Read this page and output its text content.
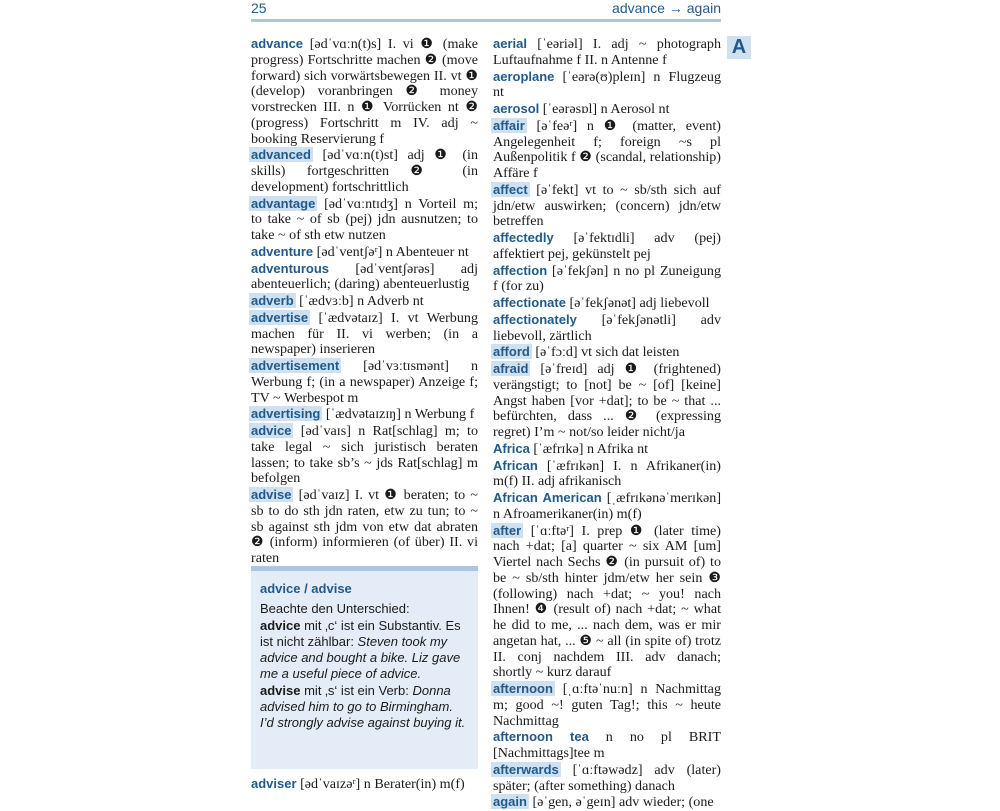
25	advance → again
advance [ədˈvɑːn(t)s] I. vi ❶ (make progress) Fortschritte machen ❷ (move forward) sich vorwärtsbewegen II. vt ❶ (develop) voranbringen ❷ money vorstrecken III. n ❶ Vorrücken nt ❷ (progress) Fortschritt m IV. adj ~ booking Reservierung f
advanced [ədˈvɑːn(t)st] adj ❶ (in skills) fortgeschritten ❷ (in development) fortschrittlich
advantage [ədˈvɑːntɪdʒ] n Vorteil m; to take ~ of sb (pej) jdn ausnutzen; to take ~ of sth etw nutzen
adventure [ədˈventʃəʳ] n Abenteuer nt
adventurous [ədˈventʃərəs] adj abenteuerlich; (daring) abenteuerlustig
adverb [ˈædvɜːb] n Adverb nt
advertise [ˈædvətaɪz] I. vt Werbung machen für II. vi werben; (in a newspaper) inserieren
advertisement [ədˈvɜːtɪsmənt] n Werbung f; (in a newspaper) Anzeige f; TV ~ Werbespot m
advertising [ˈædvətaɪzɪŋ] n Werbung f
advice [ədˈvaɪs] n Rat[schlag] m; to take legal ~ sich juristisch beraten lassen; to take sb’s ~ jds Rat[schlag] m befolgen
advise [ədˈvaɪz] I. vt ❶ beraten; to ~ sb to do sth jdn raten, etw zu tun; to ~ sb against sth jdm von etw dat abraten ❷ (inform) informieren (of über) II. vi raten
advice / advise

Beachte den Unterschied:

advice mit ‚c‘ ist ein Substantiv. Es ist nicht zählbar: Steven took my advice and bought a bike. Liz gave me a useful piece of advice.

advise mit ‚s‘ ist ein Verb: Donna advised him to go to Birmingham. I’d strongly advise against buying it.

adviser [ədˈvaɪzəʳ] n Berater(in) m(f)
aerial [ˈeəriəl] I. adj ~ photograph Luftaufnahme f II. n Antenne f
aeroplane [ˈeərə(ʊ)pleɪn] n Flugzeug nt
aerosol [ˈeərəsɒl] n Aerosol nt
affair [əˈfeəʳ] n ❶ (matter, event) Angelegenheit f; foreign ~s pl Außenpolitik f ❷ (scandal, relationship) Affäre f
affect [əˈfekt] vt to ~ sb/sth sich auf jdn/etw auswirken; (concern) jdn/etw betreffen
affectedly [əˈfektɪdli] adv (pej) affektiert pej, gekünstelt pej
affection [əˈfekʃən] n no pl Zuneigung f (for zu)
affectionate [əˈfekʃənət] adj liebevoll
affectionately [əˈfekʃənətli] adv liebevoll, zärtlich
afford [əˈfɔːd] vt sich dat leisten
afraid [əˈfreɪd] adj ❶ (frightened) verängstigt; to [not] be ~ [of] [keine] Angst haben [vor +dat]; to be ~ that ... befürchten, dass ... ❷ (expressing regret) I’m ~ not/so leider nicht/ja
Africa [ˈæfrɪkə] n Afrika nt
African [ˈæfrɪkən] I. n Afrikaner(in) m(f) II. adj afrikanisch
African American [ˌæfrɪkənəˈmerɪkən] n Afroamerikaner(in) m(f)
after [ˈɑːftəʳ] I. prep ❶ (later time) nach +dat; [a] quarter ~ six AM [um] Viertel nach Sechs ❷ (in pursuit of) to be ~ sb/sth hinter jdm/etw her sein ❸ (following) nach +dat; ~ you! nach Ihnen! ❹ (result of) nach +dat; ~ what he did to me, ... nach dem, was er mir angetan hat, ... ❺ ~ all (in spite of) trotz II. conj nachdem III. adv danach; shortly ~ kurz darauf
afternoon [ˌɑːftəˈnuːn] n Nachmittag m; good ~! guten Tag!; this ~ heute Nachmittag
afternoon tea n no pl BRIT [Nachmittags]tee m
afterwards [ˈɑːftəwədz] adv (later) später; (after something) danach
again [əˈgen, əˈgeɪn] adv wieder; (one
A
